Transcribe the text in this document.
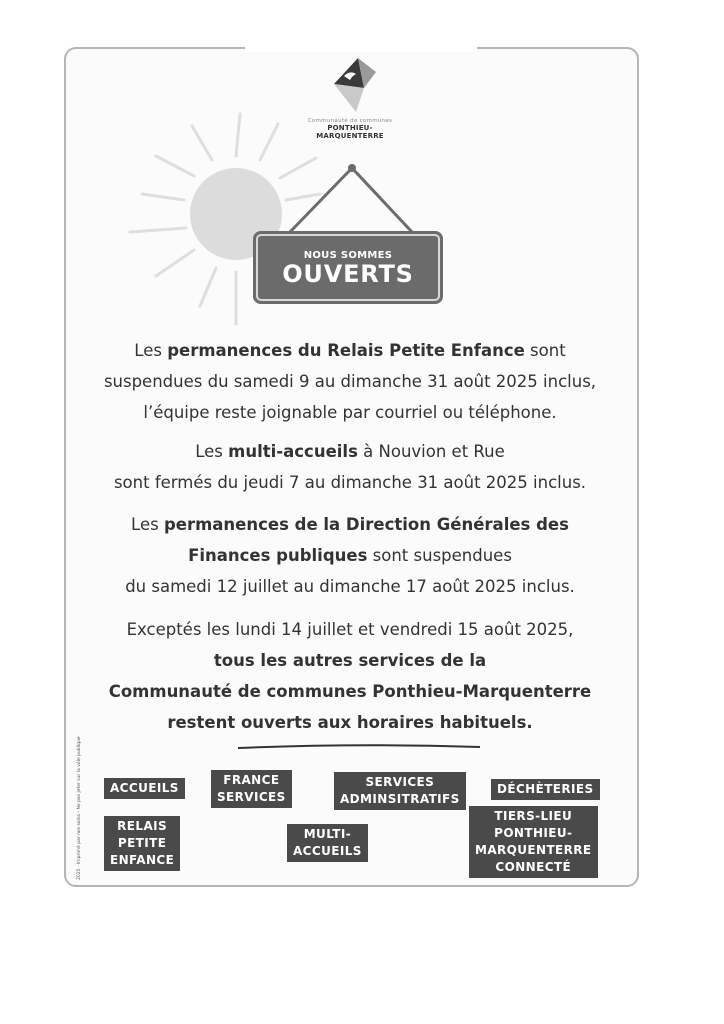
Communauté de communes
PONTHIEU-MARQUENTERRE
NOUS SOMMES
OUVERTS
Les permanences du Relais Petite Enfance sont
suspendues du samedi 9 au dimanche 31 août 2025 inclus,
l’équipe reste joignable par courriel ou téléphone.
Les multi-accueils à Nouvion et Rue
sont fermés du jeudi 7 au dimanche 31 août 2025 inclus.
Les permanences de la Direction Générales des
Finances publiques sont suspendues
du samedi 12 juillet au dimanche 17 août 2025 inclus.
Exceptés les lundi 14 juillet et vendredi 15 août 2025,
tous les autres services de la
Communauté de communes Ponthieu-Marquenterre
restent ouverts aux horaires habituels.
ACCUEILS
FRANCE
SERVICES
SERVICES
ADMINSITRATIFS
DÉCHÈTERIES
RELAIS
PETITE
ENFANCE
MULTI-
ACCUEILS
TIERS-LIEU
PONTHIEU-
MARQUENTERRE
CONNECTÉ
2025 - Imprimé par nos soins - Ne pas jeter sur la voie publique
